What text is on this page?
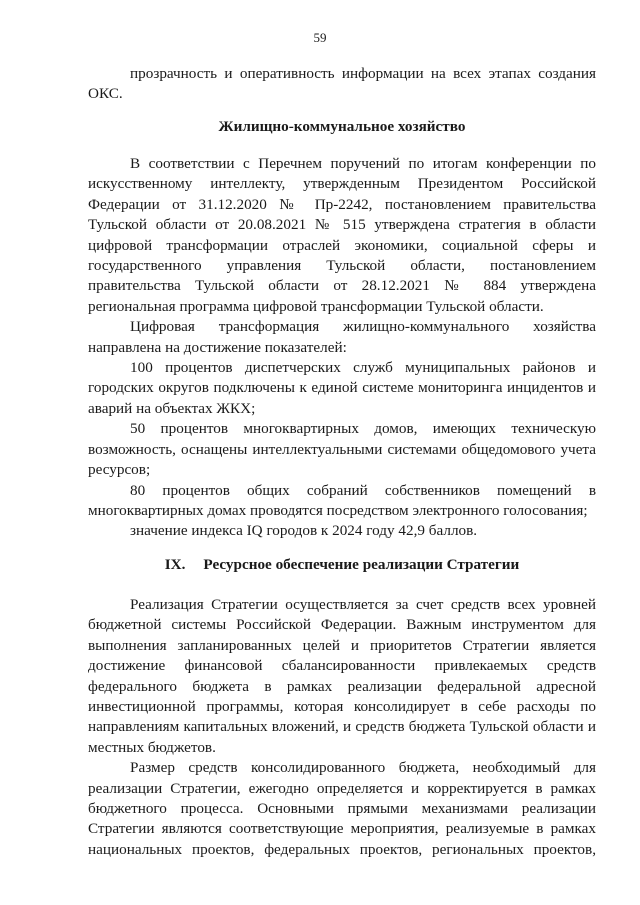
59

прозрачность и оперативность информации на всех этапах создания

ОКС.

Жилищно-коммунальное хозяйство

В соответствии с Перечнем поручений по итогам конференции по искусственному интеллекту, утвержденным Президентом Российской Федерации от 31.12.2020 № Пр-2242, постановлением правительства Тульской области от 20.08.2021 № 515 утверждена стратегия в области цифровой трансформации отраслей экономики, социальной сферы и государственного управления Тульской области, постановлением правительства Тульской области от 28.12.2021 № 884 утверждена региональная программа цифровой трансформации Тульской области.

Цифровая трансформация жилищно-коммунального хозяйства направлена на достижение показателей:

100 процентов диспетчерских служб муниципальных районов и городских округов подключены к единой системе мониторинга инцидентов и аварий на объектах ЖКХ;

50 процентов многоквартирных домов, имеющих техническую возможность, оснащены интеллектуальными системами общедомового учета ресурсов;

80 процентов общих собраний собственников помещений в многоквартирных домах проводятся посредством электронного голосования;

значение индекса IQ городов к 2024 году 42,9 баллов.

IX. Ресурсное обеспечение реализации Стратегии

Реализация Стратегии осуществляется за счет средств всех уровней бюджетной системы Российской Федерации. Важным инструментом для выполнения запланированных целей и приоритетов Стратегии является достижение финансовой сбалансированности привлекаемых средств федерального бюджета в рамках реализации федеральной адресной инвестиционной программы, которая консолидирует в себе расходы по направлениям капитальных вложений, и средств бюджета Тульской области и местных бюджетов.

Размер средств консолидированного бюджета, необходимый для реализации Стратегии, ежегодно определяется и корректируется в рамках бюджетного процесса. Основными прямыми механизмами реализации Стратегии являются соответствующие мероприятия, реализуемые в рамках национальных проектов, федеральных проектов, региональных проектов,
